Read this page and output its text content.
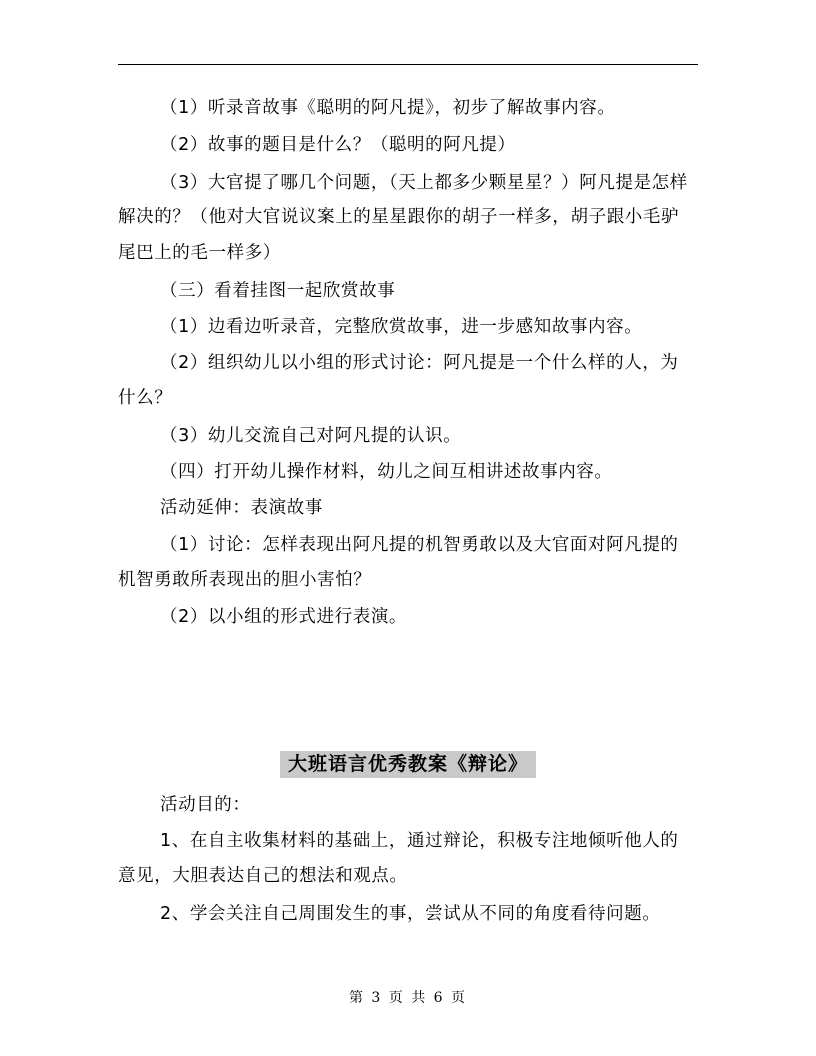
（1）听录音故事《聪明的阿凡提》，初步了解故事内容。
（2）故事的题目是什么？（聪明的阿凡提）
（3）大官提了哪几个问题，（天上都多少颗星星？）阿凡提是怎样
解决的？（他对大官说议案上的星星跟你的胡子一样多，胡子跟小毛驴
尾巴上的毛一样多）
（三）看着挂图一起欣赏故事
（1）边看边听录音，完整欣赏故事，进一步感知故事内容。
（2）组织幼儿以小组的形式讨论：阿凡提是一个什么样的人，为
什么？
（3）幼儿交流自己对阿凡提的认识。
（四）打开幼儿操作材料，幼儿之间互相讲述故事内容。
活动延伸：表演故事
（1）讨论：怎样表现出阿凡提的机智勇敢以及大官面对阿凡提的
机智勇敢所表现出的胆小害怕？
（2）以小组的形式进行表演。
大班语言优秀教案《辩论》
活动目的：
1、在自主收集材料的基础上，通过辩论，积极专注地倾听他人的
意见，大胆表达自己的想法和观点。
2、学会关注自己周围发生的事，尝试从不同的角度看待问题。
第 3 页 共 6 页
